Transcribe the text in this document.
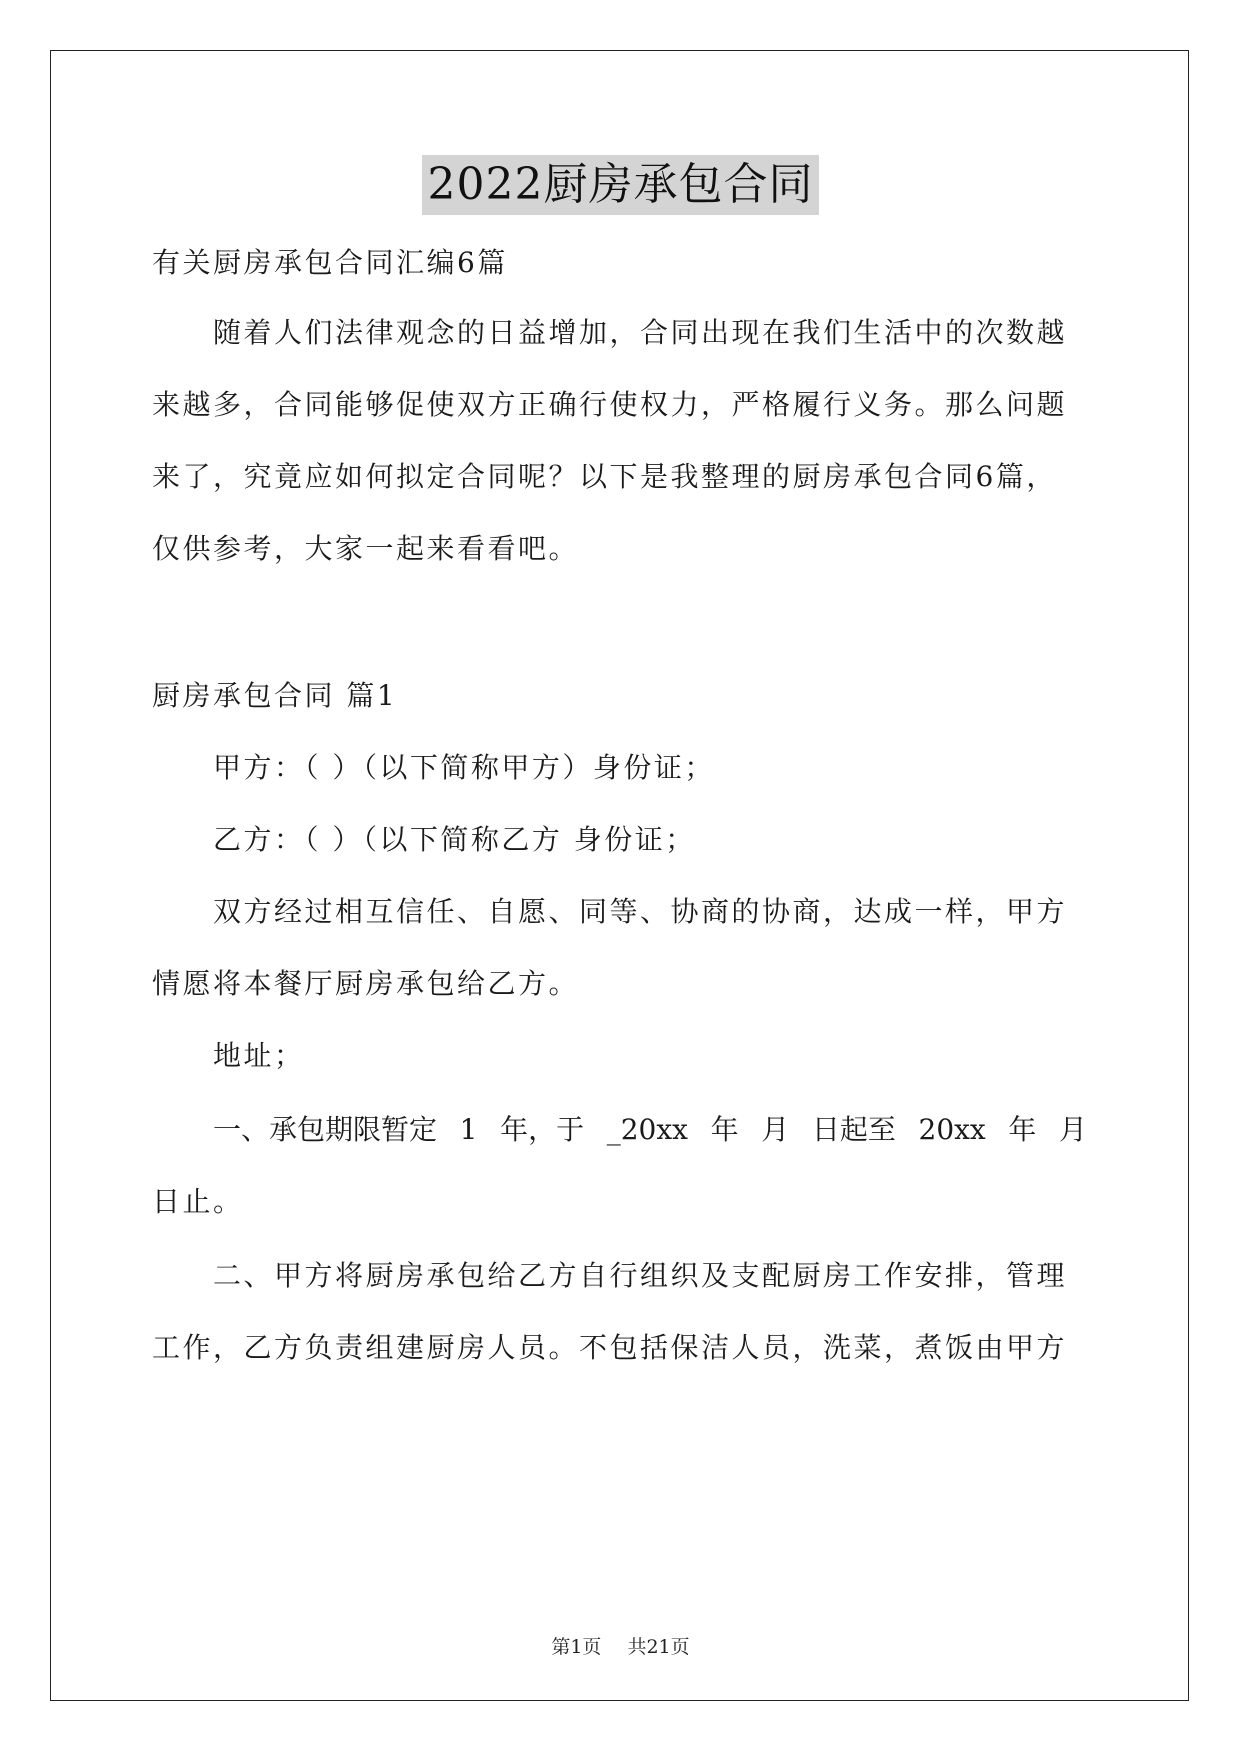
2022厨房承包合同
有关厨房承包合同汇编6篇
随着人们法律观念的日益增加，合同出现在我们生活中的次数越
来越多，合同能够促使双方正确行使权力，严格履行义务。那么问题
来了，究竟应如何拟定合同呢？以下是我整理的厨房承包合同6篇，
仅供参考，大家一起来看看吧。
厨房承包合同 篇1
甲方：（ ）（以下简称甲方）身份证；
乙方：（ ）（以下简称乙方 身份证；
双方经过相互信任、自愿、同等、协商的协商，达成一样，甲方
情愿将本餐厅厨房承包给乙方。
地址；
一、承包期限暂定 1 年，于 _20xx 年 月 日起至 20xx 年 月
日止。
二、甲方将厨房承包给乙方自行组织及支配厨房工作安排，管理
工作，乙方负责组建厨房人员。不包括保洁人员，洗菜，煮饭由甲方
第1页 共21页
